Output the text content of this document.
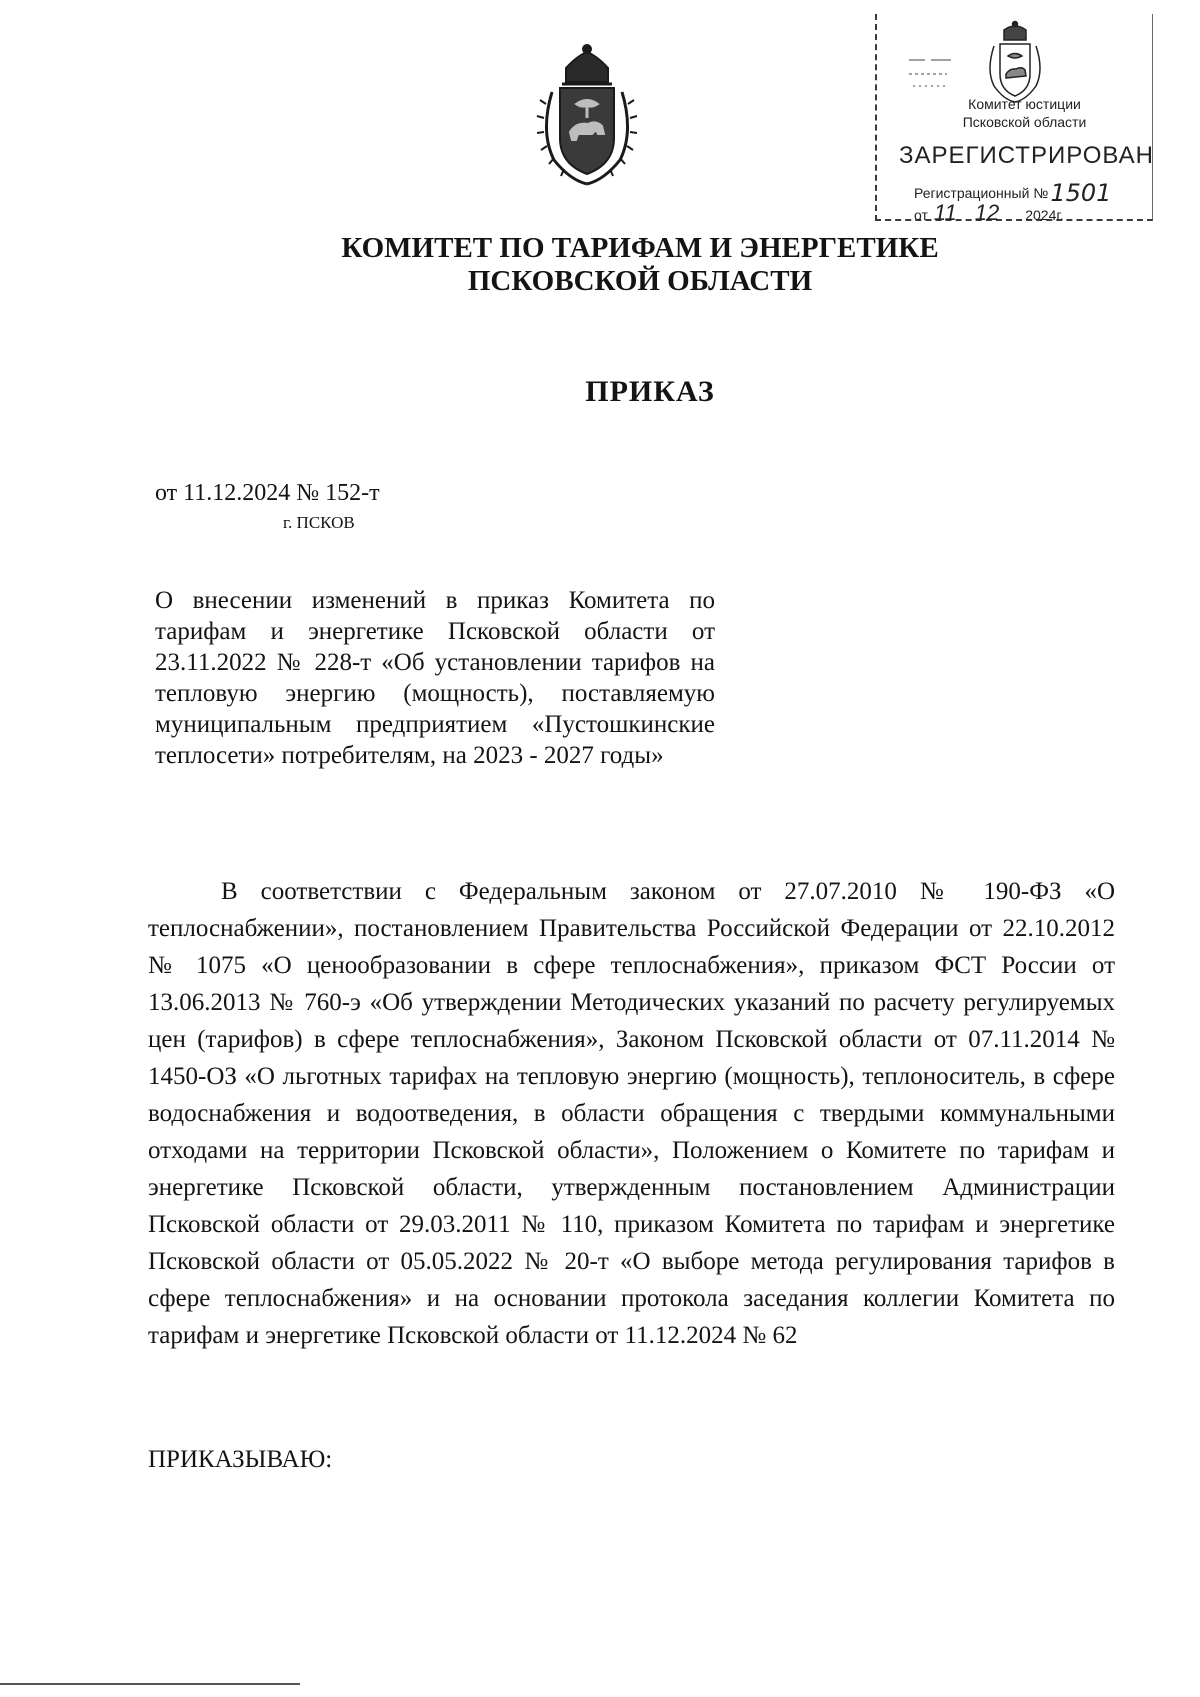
Комитет юстиции
Псковской области
ЗАРЕГИСТРИРОВАН
Регистрационный №1501
от 11 12 2024г.
КОМИТЕТ ПО ТАРИФАМ И ЭНЕРГЕТИКЕ
ПСКОВСКОЙ ОБЛАСТИ
ПРИКАЗ
от 11.12.2024 № 152-т
г. ПСКОВ
О внесении изменений в приказ Комитета по тарифам и энергетике Псковской области от 23.11.2022 № 228-т «Об установлении тарифов на тепловую энергию (мощность), поставляемую муниципальным предприятием «Пустошкинские теплосети» потребителям, на 2023 - 2027 годы»
В соответствии с Федеральным законом от 27.07.2010 № 190-ФЗ «О теплоснабжении», постановлением Правительства Российской Федерации от 22.10.2012 № 1075 «О ценообразовании в сфере теплоснабжения», приказом ФСТ России от 13.06.2013 № 760-э «Об утверждении Методических указаний по расчету регулируемых цен (тарифов) в сфере теплоснабжения», Законом Псковской области от 07.11.2014 № 1450-ОЗ «О льготных тарифах на тепловую энергию (мощность), теплоноситель, в сфере водоснабжения и водоотведения, в области обращения с твердыми коммунальными отходами на территории Псковской области», Положением о Комитете по тарифам и энергетике Псковской области, утвержденным постановлением Администрации Псковской области от 29.03.2011 № 110, приказом Комитета по тарифам и энергетике Псковской области от 05.05.2022 № 20-т «О выборе метода регулирования тарифов в сфере теплоснабжения» и на основании протокола заседания коллегии Комитета по тарифам и энергетике Псковской области от 11.12.2024 № 62
ПРИКАЗЫВАЮ:
